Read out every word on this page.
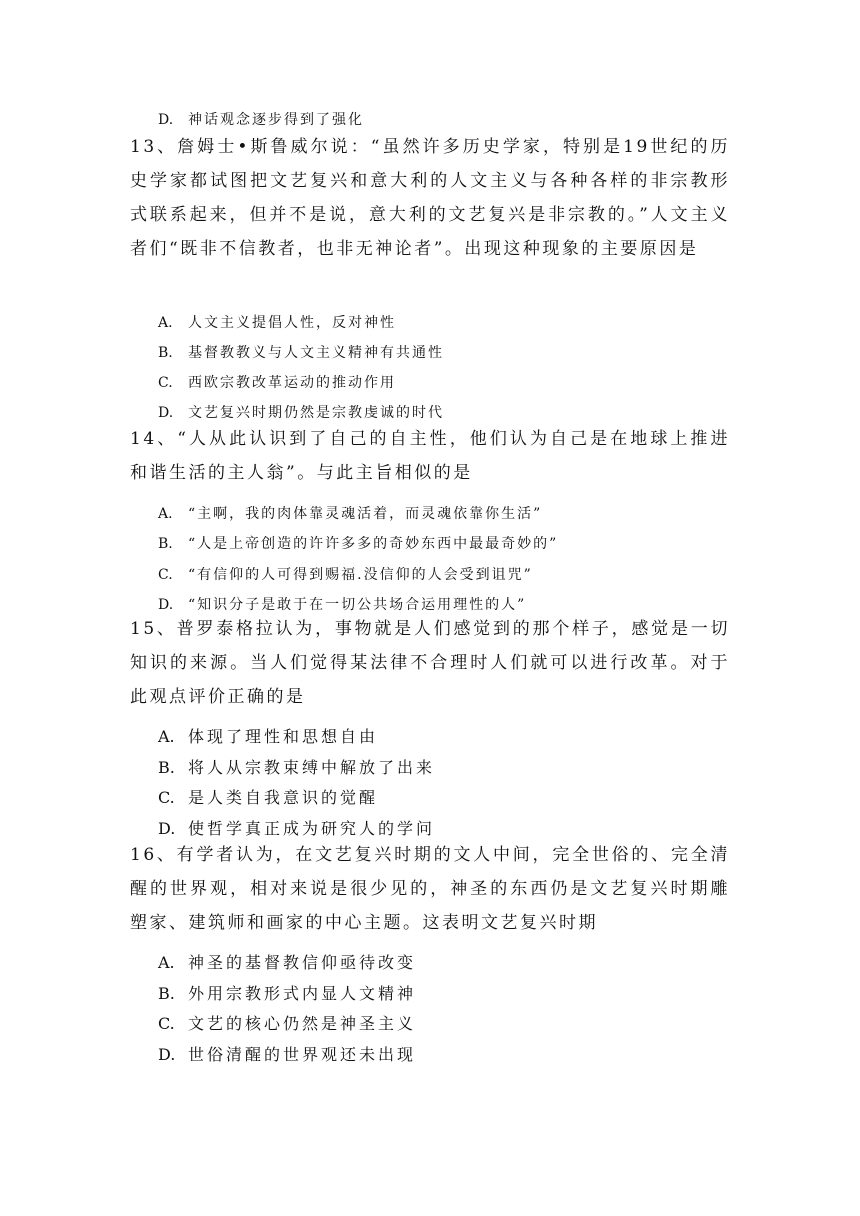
D. 神话观念逐步得到了强化
13、詹姆士•斯鲁威尔说：“虽然许多历史学家，特别是19世纪的历史学家都试图把文艺复兴和意大利的人文主义与各种各样的非宗教形式联系起来，但并不是说，意大利的文艺复兴是非宗教的。”人文主义者们“既非不信教者，也非无神论者”。出现这种现象的主要原因是
A. 人文主义提倡人性，反对神性
B. 基督教教义与人文主义精神有共通性
C. 西欧宗教改革运动的推动作用
D. 文艺复兴时期仍然是宗教虔诚的时代
14、“人从此认识到了自己的自主性，他们认为自己是在地球上推进和谐生活的主人翁”。与此主旨相似的是
A. “主啊，我的肉体靠灵魂活着，而灵魂依靠你生活”
B. “人是上帝创造的许许多多的奇妙东西中最最奇妙的”
C. “有信仰的人可得到赐福.没信仰的人会受到诅咒”
D. “知识分子是敢于在一切公共场合运用理性的人”
15、普罗泰格拉认为，事物就是人们感觉到的那个样子，感觉是一切知识的来源。当人们觉得某法律不合理时人们就可以进行改革。对于此观点评价正确的是
A. 体现了理性和思想自由
B. 将人从宗教束缚中解放了出来
C. 是人类自我意识的觉醒
D. 使哲学真正成为研究人的学问
16、有学者认为，在文艺复兴时期的文人中间，完全世俗的、完全清醒的世界观，相对来说是很少见的，神圣的东西仍是文艺复兴时期雕塑家、建筑师和画家的中心主题。这表明文艺复兴时期
A. 神圣的基督教信仰亟待改变
B. 外用宗教形式内显人文精神
C. 文艺的核心仍然是神圣主义
D. 世俗清醒的世界观还未出现
